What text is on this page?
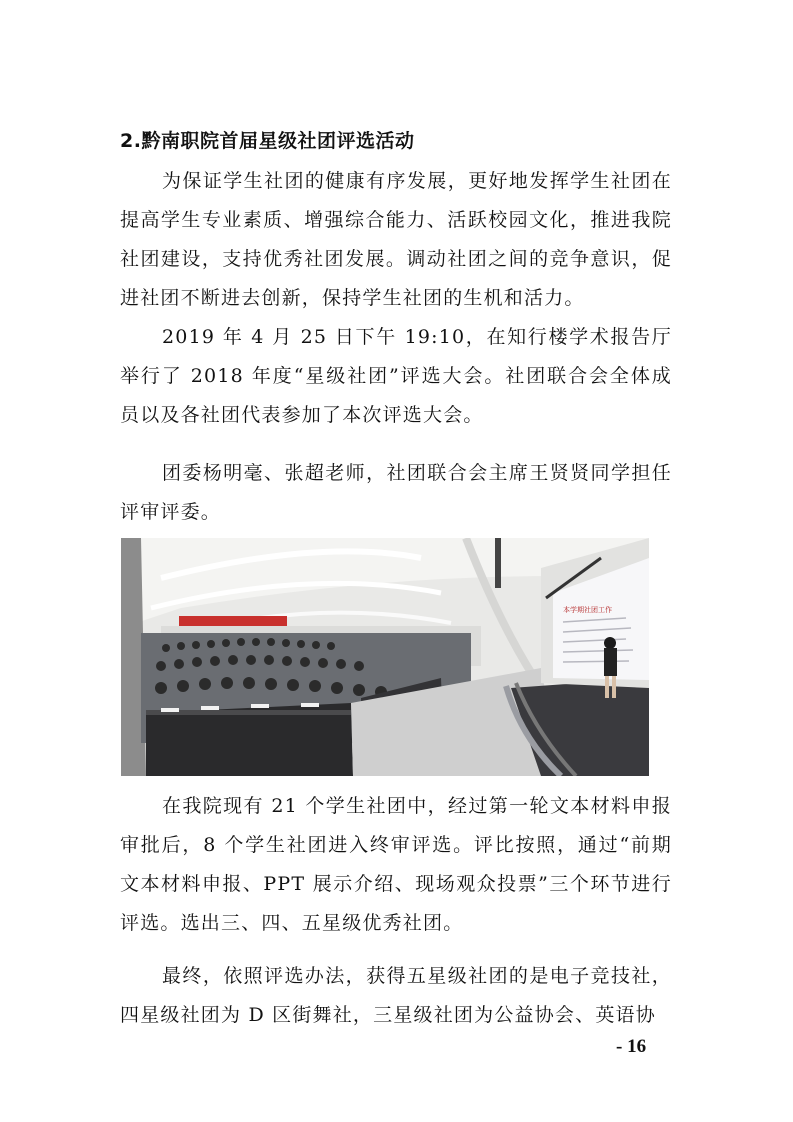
2.黔南职院首届星级社团评选活动

为保证学生社团的健康有序发展，更好地发挥学生社团在提高学生专业素质、增强综合能力、活跃校园文化，推进我院社团建设，支持优秀社团发展。调动社团之间的竞争意识，促进社团不断进去创新，保持学生社团的生机和活力。

2019 年 4 月 25 日下午 19:10，在知行楼学术报告厅举行了 2018 年度“星级社团”评选大会。社团联合会全体成员以及各社团代表参加了本次评选大会。

团委杨明毫、张超老师，社团联合会主席王贤贤同学担任评审评委。

本学期社团工作

在我院现有 21 个学生社团中，经过第一轮文本材料申报审批后，8 个学生社团进入终审评选。评比按照，通过“前期文本材料申报、PPT 展示介绍、现场观众投票”三个环节进行评选。选出三、四、五星级优秀社团。

最终，依照评选办法，获得五星级社团的是电子竞技社，四星级社团为 D 区街舞社，三星级社团为公益协会、英语协

- 16
